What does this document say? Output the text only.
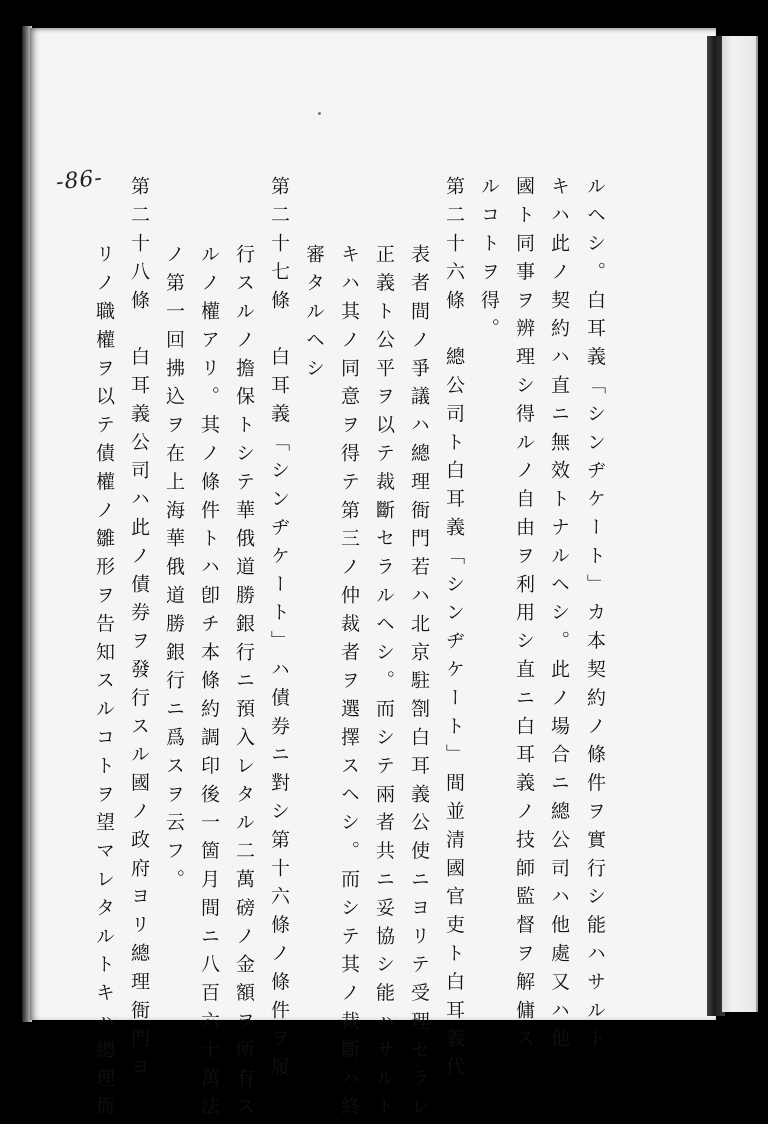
-86-	ルヘシ。白耳義「シンヂケート」カ本契約ノ條件ヲ實行シ能ハサルト
キハ此ノ契約ハ直ニ無效トナルヘシ。此ノ場合ニ總公司ハ他處又ハ他
國ト同事ヲ辨理シ得ルノ自由ヲ利用シ直ニ白耳義ノ技師監督ヲ解傭ス
ルコトヲ得。
第二十六條　總公司ト白耳義「シンヂケート」間並清國官吏ト白耳義代
表者間ノ爭議ハ總理衙門若ハ北京駐劄白耳義公使ニヨリテ受理セラレ
正義ト公平ヲ以テ裁斷セラルヘシ。而シテ兩者共ニ妥協シ能ハサルト
キハ其ノ同意ヲ得テ第三ノ仲裁者ヲ選擇スヘシ。而シテ其ノ裁斷ハ終
審タルヘシ
第二十七條　白耳義「シンヂケート」ハ債券ニ對シ第十六條ノ條件ヲ履
行スルノ擔保トシテ華俄道勝銀行ニ預入レタル二萬磅ノ金額ヲ所有ス
ルノ權アリ。其ノ條件トハ卽チ本條約調印後一箇月間ニ八百六十萬法
ノ第一回拂込ヲ在上海華俄道勝銀行ニ爲スヲ云フ。
第二十八條　白耳義公司ハ此ノ債券ヲ發行スル國ノ政府ヨリ總理衙門ヨ
リノ職權ヲ以テ債權ノ雛形ヲ告知スルコトヲ望マレタルトキハ總理衙
